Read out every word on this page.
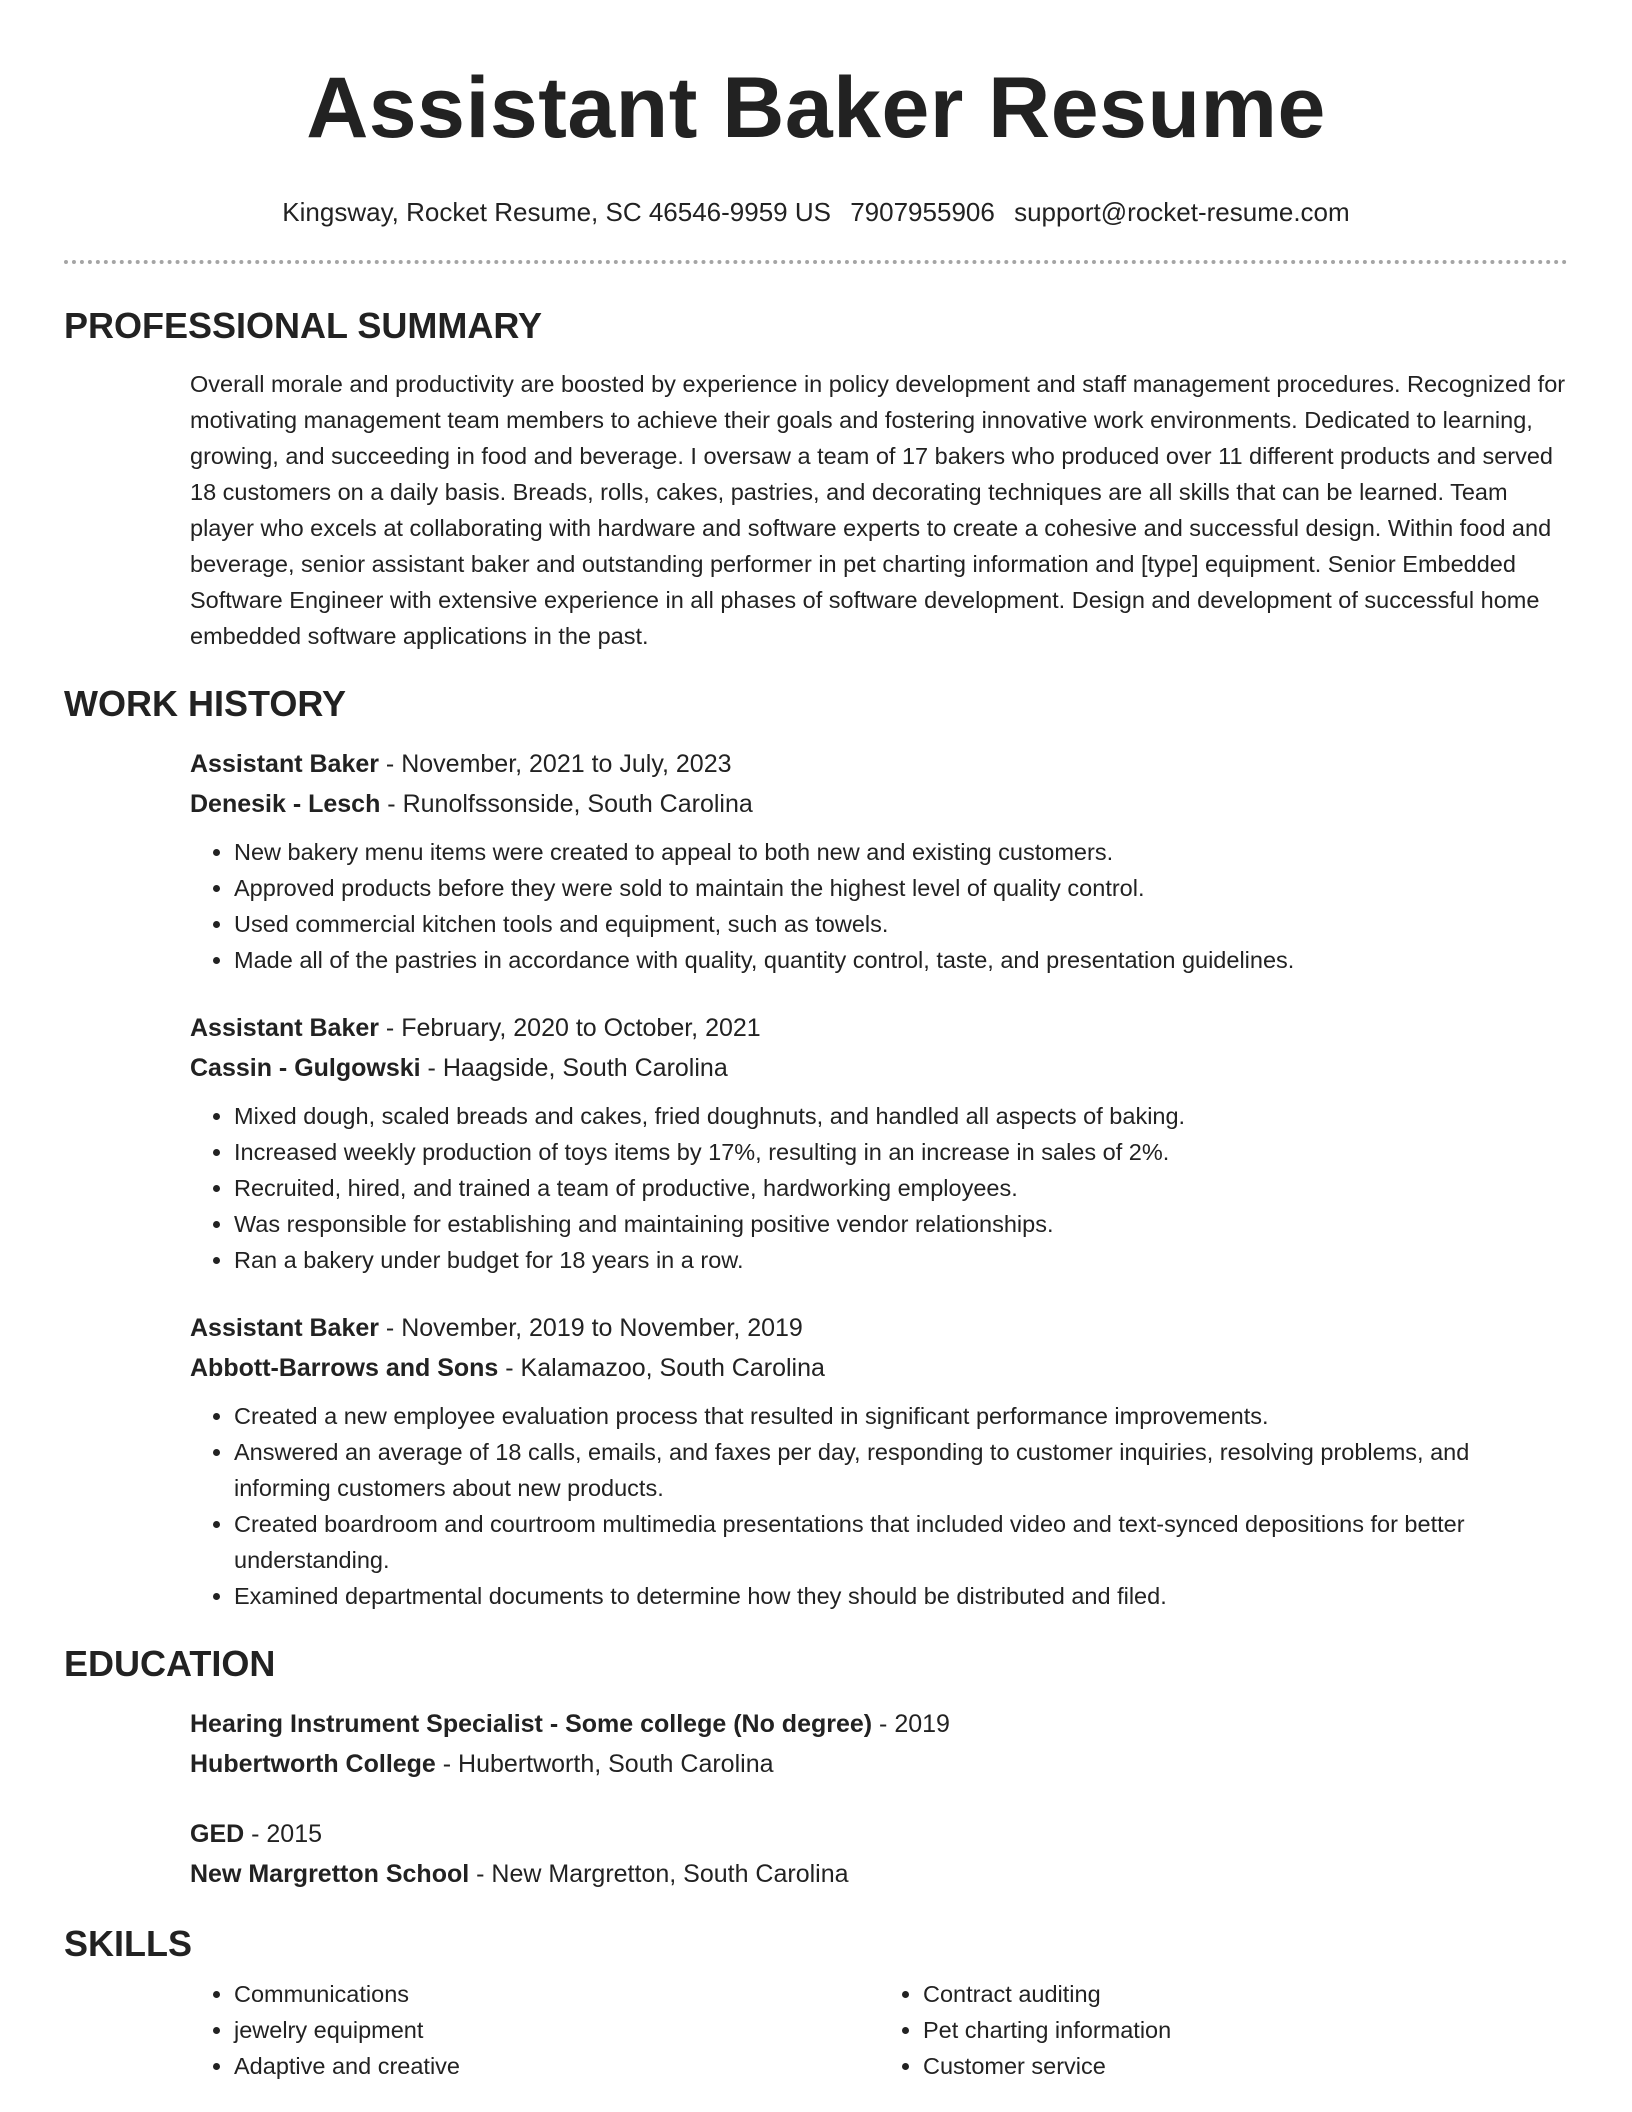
Assistant Baker Resume
Kingsway, Rocket Resume, SC 46546-9959 US 7907955906 support@rocket-resume.com
PROFESSIONAL SUMMARY

Overall morale and productivity are boosted by experience in policy development and staff management procedures. Recognized for motivating management team members to achieve their goals and fostering innovative work environments. Dedicated to learning, growing, and succeeding in food and beverage. I oversaw a team of 17 bakers who produced over 11 different products and served 18 customers on a daily basis. Breads, rolls, cakes, pastries, and decorating techniques are all skills that can be learned. Team player who excels at collaborating with hardware and software experts to create a cohesive and successful design. Within food and beverage, senior assistant baker and outstanding performer in pet charting information and [type] equipment. Senior Embedded Software Engineer with extensive experience in all phases of software development. Design and development of successful home embedded software applications in the past.

WORK HISTORY
Assistant Baker - November, 2021 to July, 2023
Denesik - Lesch - Runolfssonside, South Carolina
• New bakery menu items were created to appeal to both new and existing customers.
• Approved products before they were sold to maintain the highest level of quality control.
• Used commercial kitchen tools and equipment, such as towels.
• Made all of the pastries in accordance with quality, quantity control, taste, and presentation guidelines.
Assistant Baker - February, 2020 to October, 2021
Cassin - Gulgowski - Haagside, South Carolina
• Mixed dough, scaled breads and cakes, fried doughnuts, and handled all aspects of baking.
• Increased weekly production of toys items by 17%, resulting in an increase in sales of 2%.
• Recruited, hired, and trained a team of productive, hardworking employees.
• Was responsible for establishing and maintaining positive vendor relationships.
• Ran a bakery under budget for 18 years in a row.
Assistant Baker - November, 2019 to November, 2019
Abbott-Barrows and Sons - Kalamazoo, South Carolina
• Created a new employee evaluation process that resulted in significant performance improvements.
• Answered an average of 18 calls, emails, and faxes per day, responding to customer inquiries, resolving problems, and informing customers about new products.
• Created boardroom and courtroom multimedia presentations that included video and text-synced depositions for better understanding.
• Examined departmental documents to determine how they should be distributed and filed.
EDUCATION
Hearing Instrument Specialist - Some college (No degree) - 2019
Hubertworth College - Hubertworth, South Carolina
GED - 2015
New Margretton School - New Margretton, South Carolina
SKILLS
• Communications
• jewelry equipment
• Adaptive and creative
• Contract auditing
• Pet charting information
• Customer service
